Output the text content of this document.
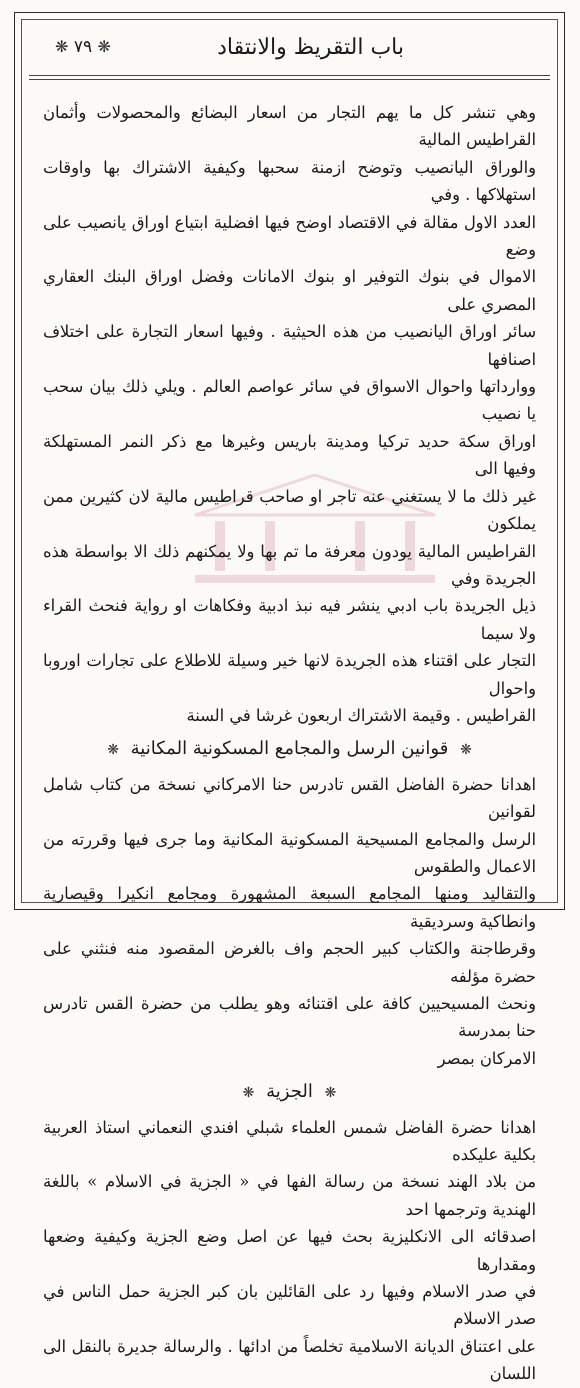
باب التقريظ والانتقاد
❋ ٧٩ ❋

وهي تنشر كل ما يهم التجار من اسعار البضائع والمحصولات وأثمان القراطيس المالية

والوراق اليانصيب وتوضح ازمنة سحبها وكيفية الاشتراك بها واوقات استهلاكها . وفي

العدد الاول مقالة في الاقتصاد اوضح فيها افضلية ابتياع اوراق يانصيب على وضع

الاموال في بنوك التوفير او بنوك الامانات وفضل اوراق البنك العقاري المصري على

سائر اوراق اليانصيب من هذه الحيثية . وفيها اسعار التجارة على اختلاف اصنافها

ووارداتها واحوال الاسواق في سائر عواصم العالم . ويلي ذلك بيان سحب يا نصيب

اوراق سكة حديد تركيا ومدينة باريس وغيرها مع ذكر النمر المستهلكة وفيها الى

غير ذلك ما لا يستغني عنه تاجر او صاحب قراطيس مالية لان كثيرين ممن يملكون

القراطيس المالية يودون معرفة ما تم بها ولا يمكنهم ذلك الا بواسطة هذه الجريدة وفي

ذيل الجريدة باب ادبي ينشر فيه نبذ ادبية وفكاهات او رواية فنحث القراء ولا سيما

التجار على اقتناء هذه الجريدة لانها خير وسيلة للاطلاع على تجارات اوروبا واحوال

القراطيس . وقيمة الاشتراك اربعون غرشا في السنة

❋ قوانين الرسل والمجامع المسكونية المكانية ❋

اهدانا حضرة الفاضل القس تادرس حنا الامركاني نسخة من كتاب شامل لقوانين

الرسل والمجامع المسيحية المسكونية المكانية وما جرى فيها وقررته من الاعمال والطقوس

والتقاليد ومنها المجامع السبعة المشهورة ومجامع انكيرا وقيصارية وانطاكية وسرديقية

وقرطاجنة والكتاب كبير الحجم واف بالغرض المقصود منه فنثني على حضرة مؤلفه

ونحث المسيحيين كافة على اقتنائه وهو يطلب من حضرة القس تادرس حنا بمدرسة

الامركان بمصر

❋ الجزية ❋

اهدانا حضرة الفاضل شمس العلماء شبلي افندي النعماني استاذ العربية بكلية عليكده

من بلاد الهند نسخة من رسالة الفها في « الجزية في الاسلام » باللغة الهندية وترجمها احد

اصدقائه الى الانكليزية بحث فيها عن اصل وضع الجزية وكيفية وضعها ومقدارها

في صدر الاسلام وفيها رد على القائلين بان كبر الجزية حمل الناس في صدر الاسلام

على اعتناق الديانة الاسلامية تخلصاً من ادائها . والرسالة جديرة بالنقل الى اللسان
